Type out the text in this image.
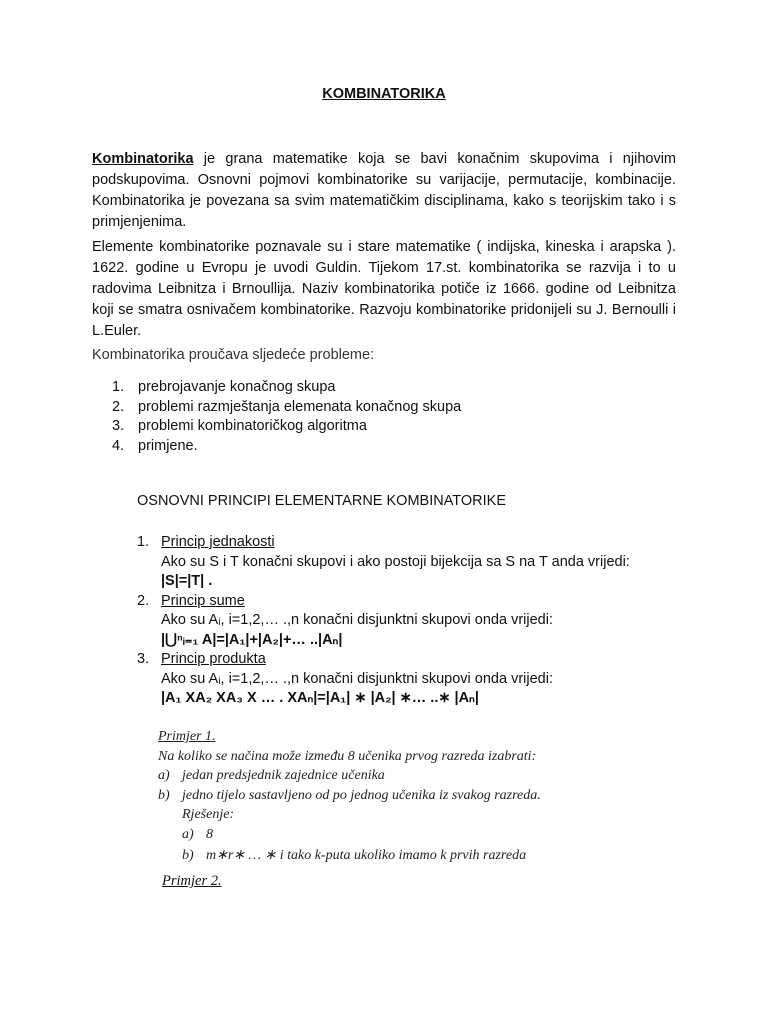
KOMBINATORIKA

Kombinatorika je grana matematike koja se bavi konačnim skupovima i njihovim podskupovima. Osnovni pojmovi kombinatorike su varijacije, permutacije, kombinacije. Kombinatorika je povezana sa svim matematičkim disciplinama, kako s teorijskim tako i s primjenjenima.

Elemente kombinatorike poznavale su i stare matematike ( indijska, kineska i arapska ). 1622. godine u Evropu je uvodi Guldin. Tijekom 17.st. kombinatorika se razvija i to u radovima Leibnitza i Brnoullija. Naziv kombinatorika potiče iz 1666. godine od Leibnitza koji se smatra osnivačem kombinatorike. Razvoju kombinatorike pridonijeli su J. Bernoulli i L.Euler.

Kombinatorika proučava sljedeće probleme:

1. prebrojavanje konačnog skupa
2. problemi razmještanja elemenata konačnog skupa
3. problemi kombinatoričkog algoritma
4. primjene.
OSNOVNI PRINCIPI ELEMENTARNE KOMBINATORIKE
1. Princip jednakosti
Ako su S i T konačni skupovi i ako postoji bijekcija sa S na T anda vrijedi:
|S|=|T| .
2. Princip sume
Ako su Aᵢ, i=1,2,… .,n konačni disjunktni skupovi onda vrijedi:
|⋃ⁿᵢ₌₁ A|=|A₁|+|A₂|+… ..|Aₙ|
3. Princip produkta
Ako su Aᵢ, i=1,2,… .,n konačni disjunktni skupovi onda vrijedi:
|A₁ XA₂ XA₃ X … . XAₙ|=|A₁| ∗ |A₂| ∗… ..∗ |Aₙ|
Primjer 1.
Na koliko se načina može između 8 učenika prvog razreda izabrati:
a) jedan predsjednik zajednice učenika
b) jedno tijelo sastavljeno od po jednog učenika iz svakog razreda.
Rješenje:
a) 8
b) m∗r∗ … ∗ i tako k-puta ukoliko imamo k prvih razreda
Primjer 2.
